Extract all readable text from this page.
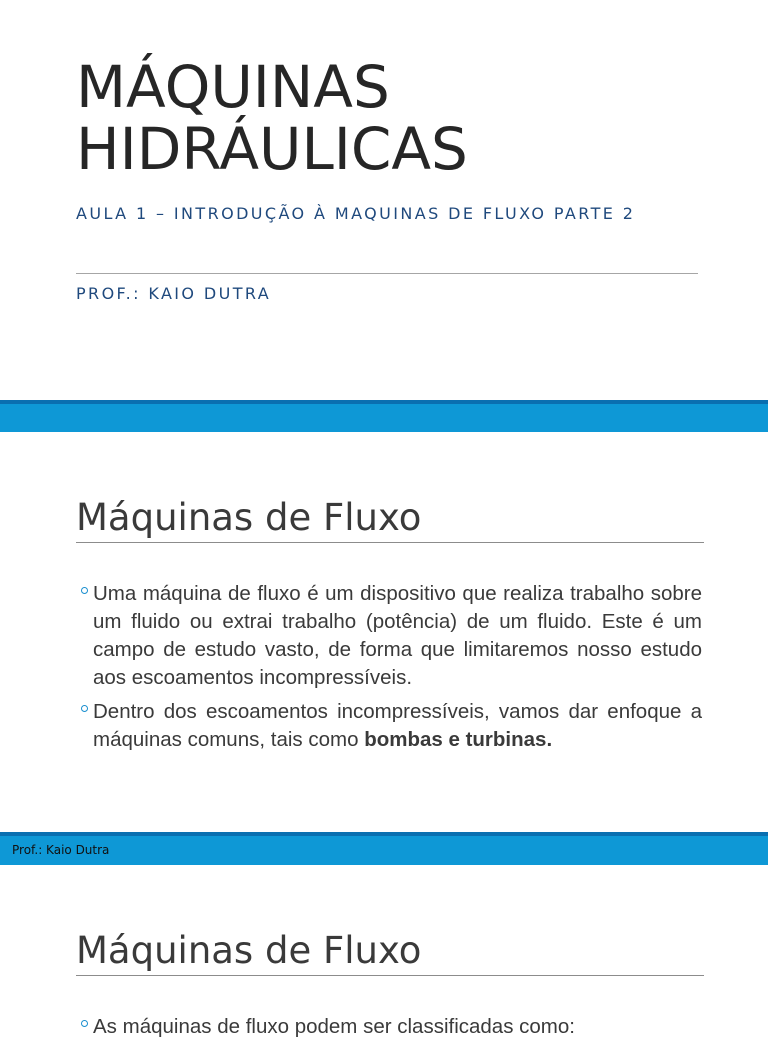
MÁQUINAS
HIDRÁULICAS
AULA 1 – INTRODUÇÃO À MAQUINAS DE FLUXO PARTE 2
PROF.: KAIO DUTRA
Máquinas de Fluxo
Uma máquina de fluxo é um dispositivo que realiza trabalho sobre um fluido ou extrai trabalho (potência) de um fluido. Este é um campo de estudo vasto, de forma que limitaremos nosso estudo aos escoamentos incompressíveis.
Dentro dos escoamentos incompressíveis, vamos dar enfoque a máquinas comuns, tais como bombas e turbinas.
Prof.: Kaio Dutra
Máquinas de Fluxo
As máquinas de fluxo podem ser classificadas como:
